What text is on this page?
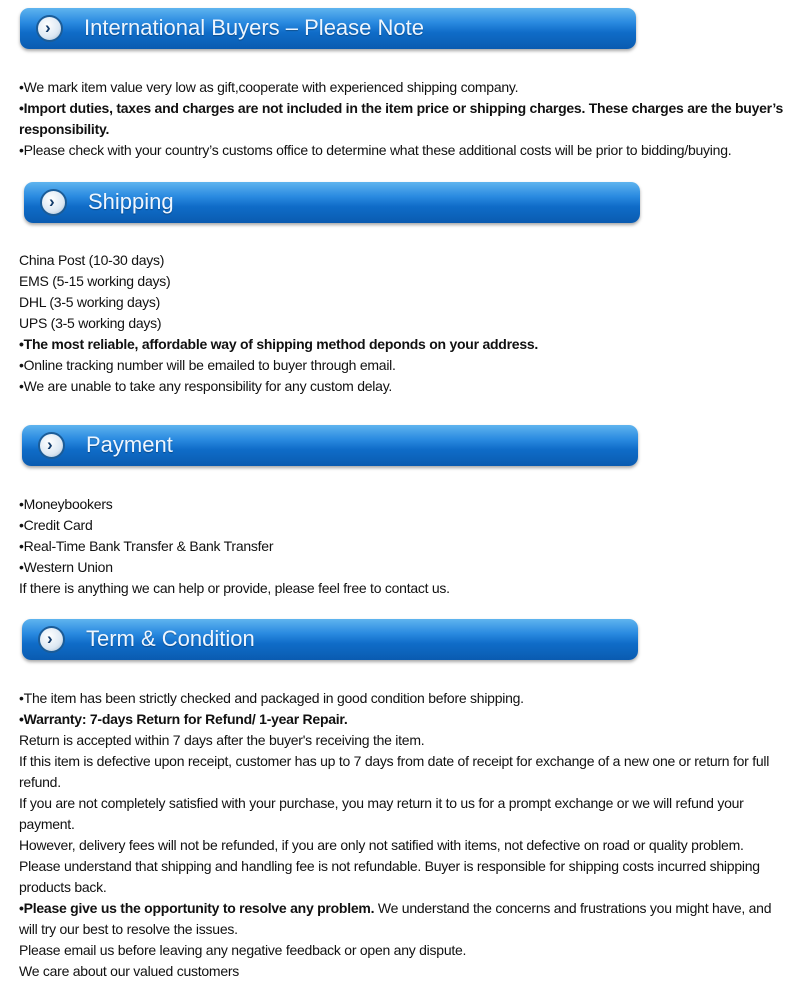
› International Buyers – Please Note
•We mark item value very low as gift,cooperate with experienced shipping company.
•Import duties, taxes and charges are not included in the item price or shipping charges. These charges are the buyer’s responsibility.
•Please check with your country’s customs office to determine what these additional costs will be prior to bidding/buying.
› Shipping
China Post (10-30 days)
EMS (5-15 working days)
DHL (3-5 working days)
UPS (3-5 working days)
•The most reliable, affordable way of shipping method deponds on your address.
•Online tracking number will be emailed to buyer through email.
•We are unable to take any responsibility for any custom delay.
› Payment
•Moneybookers
•Credit Card
•Real-Time Bank Transfer & Bank Transfer
•Western Union
If there is anything we can help or provide, please feel free to contact us.
› Term & Condition
•The item has been strictly checked and packaged in good condition before shipping.
•Warranty: 7-days Return for Refund/ 1-year Repair.
Return is accepted within 7 days after the buyer's receiving the item.
If this item is defective upon receipt, customer has up to 7 days from date of receipt for exchange of a new one or return for full refund.
If you are not completely satisfied with your purchase, you may return it to us for a prompt exchange or we will refund your payment.
However, delivery fees will not be refunded, if you are only not satified with items, not defective on road or quality problem.
Please understand that shipping and handling fee is not refundable. Buyer is responsible for shipping costs incurred shipping products back.
•Please give us the opportunity to resolve any problem. We understand the concerns and frustrations you might have, and will try our best to resolve the issues.
Please email us before leaving any negative feedback or open any dispute.
We care about our valued customers
